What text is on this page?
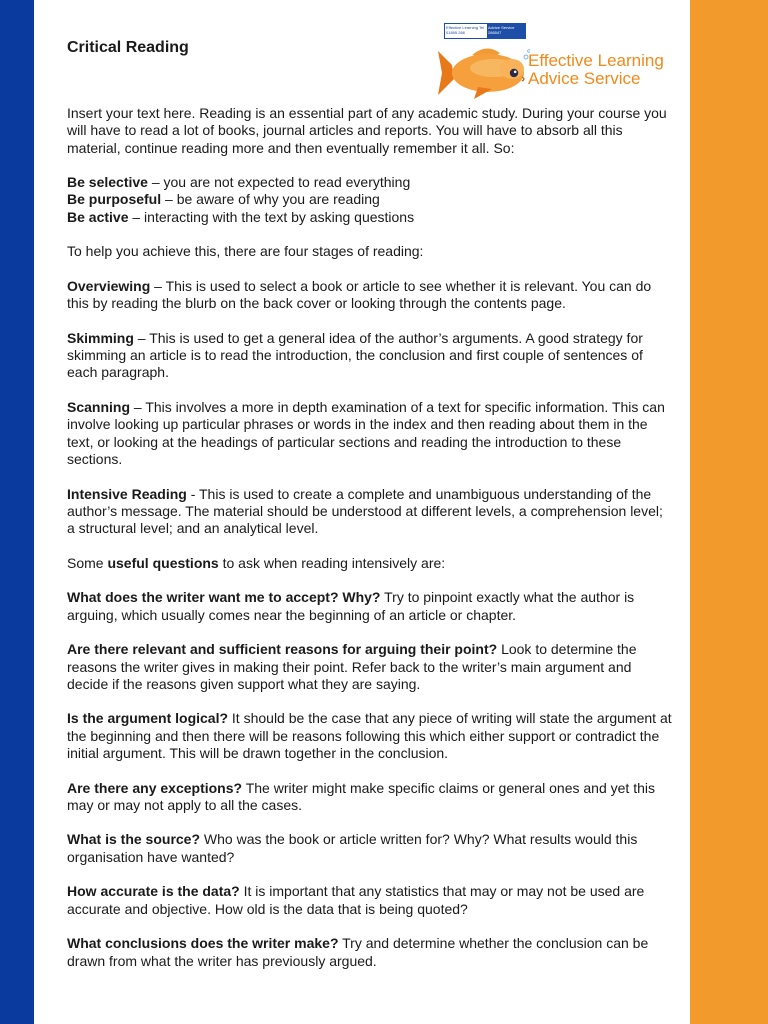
Critical Reading
Effective Learning Tel 01895 266
Advice Service 266547
Effective Learning
Advice Service

Insert your text here. Reading is an essential part of any academic study. During your course you will have to read a lot of books, journal articles and reports. You will have to absorb all this material, continue reading more and then eventually remember it all. So:

Be selective – you are not expected to read everything
Be purposeful – be aware of why you are reading
Be active – interacting with the text by asking questions

To help you achieve this, there are four stages of reading:

Overviewing – This is used to select a book or article to see whether it is relevant. You can do this by reading the blurb on the back cover or looking through the contents page.

Skimming – This is used to get a general idea of the author’s arguments. A good strategy for skimming an article is to read the introduction, the conclusion and first couple of sentences of each paragraph.

Scanning – This involves a more in depth examination of a text for specific information. This can involve looking up particular phrases or words in the index and then reading about them in the text, or looking at the headings of particular sections and reading the introduction to these sections.

Intensive Reading - This is used to create a complete and unambiguous understanding of the author’s message. The material should be understood at different levels, a comprehension level; a structural level; and an analytical level.

Some useful questions to ask when reading intensively are:

What does the writer want me to accept? Why? Try to pinpoint exactly what the author is arguing, which usually comes near the beginning of an article or chapter.

Are there relevant and sufficient reasons for arguing their point? Look to determine the reasons the writer gives in making their point. Refer back to the writer’s main argument and decide if the reasons given support what they are saying.

Is the argument logical? It should be the case that any piece of writing will state the argument at the beginning and then there will be reasons following this which either support or contradict the initial argument. This will be drawn together in the conclusion.

Are there any exceptions? The writer might make specific claims or general ones and yet this may or may not apply to all the cases.

What is the source? Who was the book or article written for? Why? What results would this organisation have wanted?

How accurate is the data? It is important that any statistics that may or may not be used are accurate and objective. How old is the data that is being quoted?

What conclusions does the writer make? Try and determine whether the conclusion can be drawn from what the writer has previously argued.
